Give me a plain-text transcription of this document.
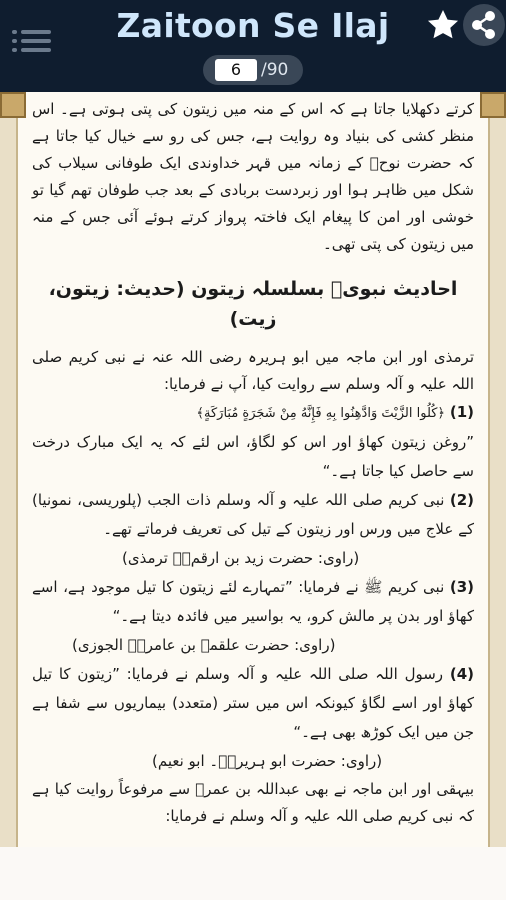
Zaitoon Se Ilaj
6	/90

کرتے دکھلایا جاتا ہے کہ اس کے منہ میں زیتون کی پتی ہوتی ہے۔ اس منظر کشی کی بنیاد وہ روایت ہے، جس کی رو سے خیال کیا جاتا ہے کہ حضرت نوحؑ کے زمانہ میں قہر خداوندی ایک طوفانی سیلاب کی شکل میں ظاہر ہوا اور زبردست بربادی کے بعد جب طوفان تھم گیا تو خوشی اور امن کا پیغام ایک فاختہ پرواز کرتے ہوئے آئی جس کے منہ میں زیتون کی پتی تھی۔

احادیث نبویؐ بسلسلہ زیتون (حدیث: زیتون، زیت)

ترمذی اور ابن ماجہ میں ابو ہریرہ رضی اللہ عنہ نے نبی کریم صلی اللہ علیہ و آلہ وسلم سے روایت کیا، آپ نے فرمایا:

(1) ﴿كُلُوا الزَّيْتَ وَادَّهِنُوا بِهِ فَإِنَّهُ مِنْ شَجَرَةٍ مُبَارَكَةٍ﴾

”روغن زیتون کھاؤ اور اس کو لگاؤ، اس لئے کہ یہ ایک مبارک درخت سے حاصل کیا جاتا ہے۔“

(2) نبی کریم صلی اللہ علیہ و آلہ وسلم ذات الجب (پلوریسی، نمونیا) کے علاج میں ورس اور زیتون کے تیل کی تعریف فرماتے تھے۔

(راوی: حضرت زید بن ارقمؓ۔ ترمذی)

(3) نبی کریم ﷺ نے فرمایا: ”تمہارے لئے زیتون کا تیل موجود ہے، اسے کھاؤ اور بدن پر مالش کرو، یہ بواسیر میں فائدہ دیتا ہے۔“

(راوی: حضرت علقمہ بن عامرؓ۔ الجوزی)

(4) رسول اللہ صلی اللہ علیہ و آلہ وسلم نے فرمایا: ”زیتون کا تیل کھاؤ اور اسے لگاؤ کیونکہ اس میں ستر (متعدد) بیماریوں سے شفا ہے جن میں ایک کوڑھ بھی ہے۔“

(راوی: حضرت ابو ہریرہؓ۔ ابو نعیم)

بیہقی اور ابن ماجہ نے بھی عبداللہ بن عمرؓ سے مرفوعاً روایت کیا ہے کہ نبی کریم صلی اللہ علیہ و آلہ وسلم نے فرمایا:
